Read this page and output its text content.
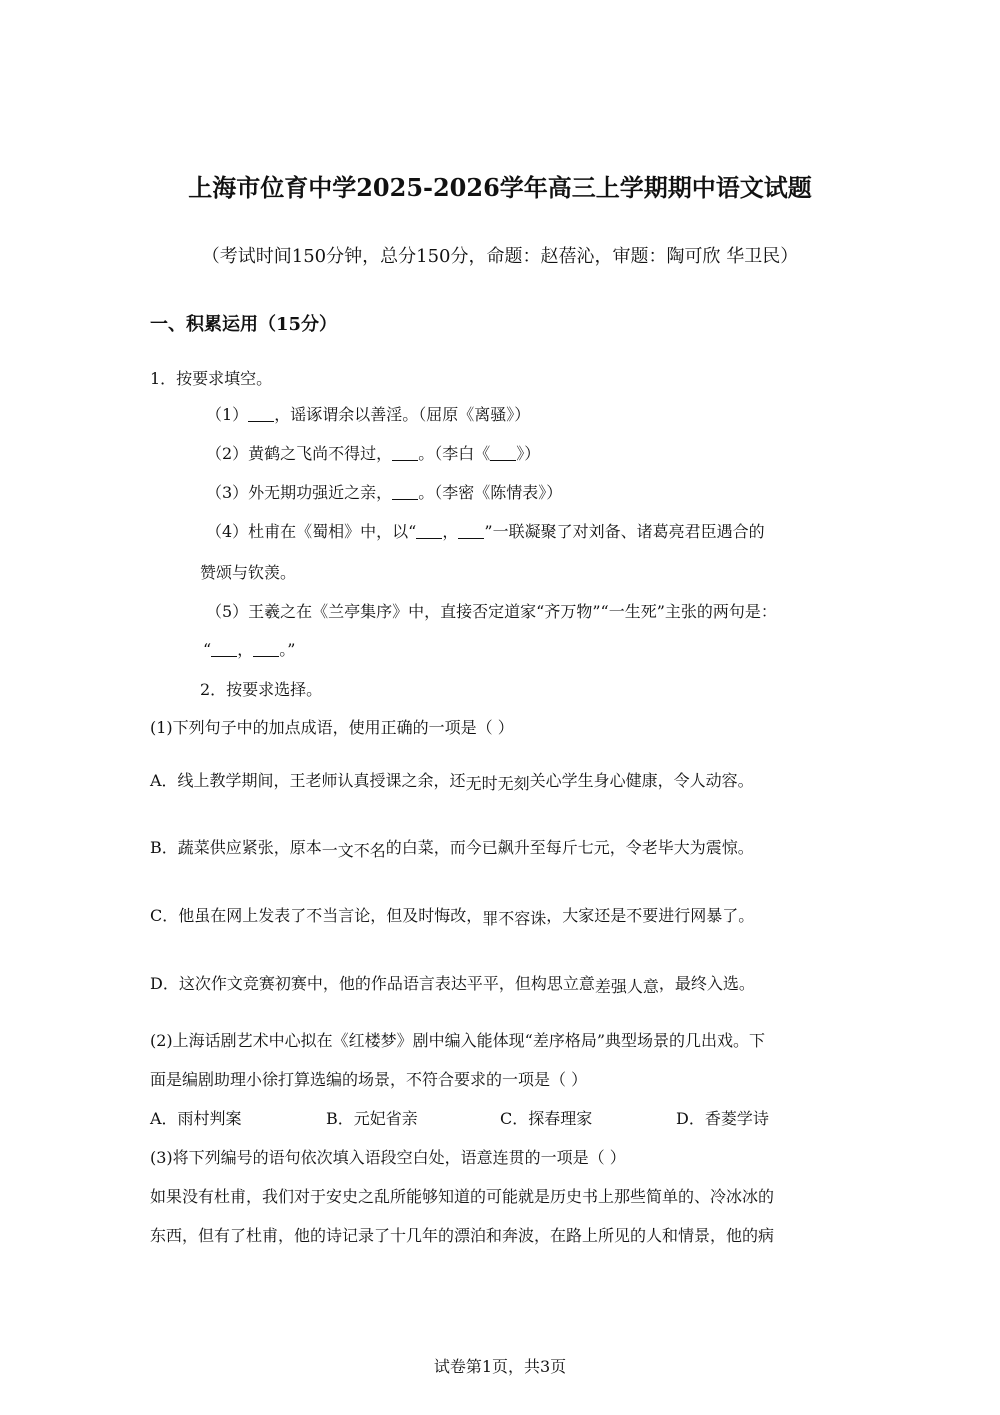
上海市位育中学2025-2026学年高三上学期期中语文试题
（考试时间150分钟，总分150分，命题：赵蓓沁，审题：陶可欣 华卫民）
一、积累运用（15分）
1．按要求填空。
（1） ，谣诼谓余以善淫。（屈原《离骚》）
（2）黄鹤之飞尚不得过， 。（李白《 》）
（3）外无期功强近之亲， 。（李密《陈情表》）
（4）杜甫在《蜀相》中，以“ ， ”一联凝聚了对刘备、诸葛亮君臣遇合的
赞颂与钦羡。
（5）王羲之在《兰亭集序》中，直接否定道家“齐万物”“一生死”主张的两句是：
“ ， 。”
2．按要求选择。
(1)下列句子中的加点成语，使用正确的一项是（ ）
A．线上教学期间，王老师认真授课之余，还无时无刻关心学生身心健康，令人动容。
B．蔬菜供应紧张，原本一文不名的白菜，而今已飙升至每斤七元，令老毕大为震惊。
C．他虽在网上发表了不当言论，但及时悔改，罪不容诛，大家还是不要进行网暴了。
D．这次作文竞赛初赛中，他的作品语言表达平平，但构思立意差强人意，最终入选。
(2)上海话剧艺术中心拟在《红楼梦》剧中编入能体现“差序格局”典型场景的几出戏。下
面是编剧助理小徐打算选编的场景，不符合要求的一项是（ ）
A．雨村判案	B．元妃省亲	C．探春理家	D．香菱学诗
(3)将下列编号的语句依次填入语段空白处，语意连贯的一项是（ ）
如果没有杜甫，我们对于安史之乱所能够知道的可能就是历史书上那些简单的、冷冰冰的
东西，但有了杜甫，他的诗记录了十几年的漂泊和奔波，在路上所见的人和情景，他的病
试卷第1页，共3页
